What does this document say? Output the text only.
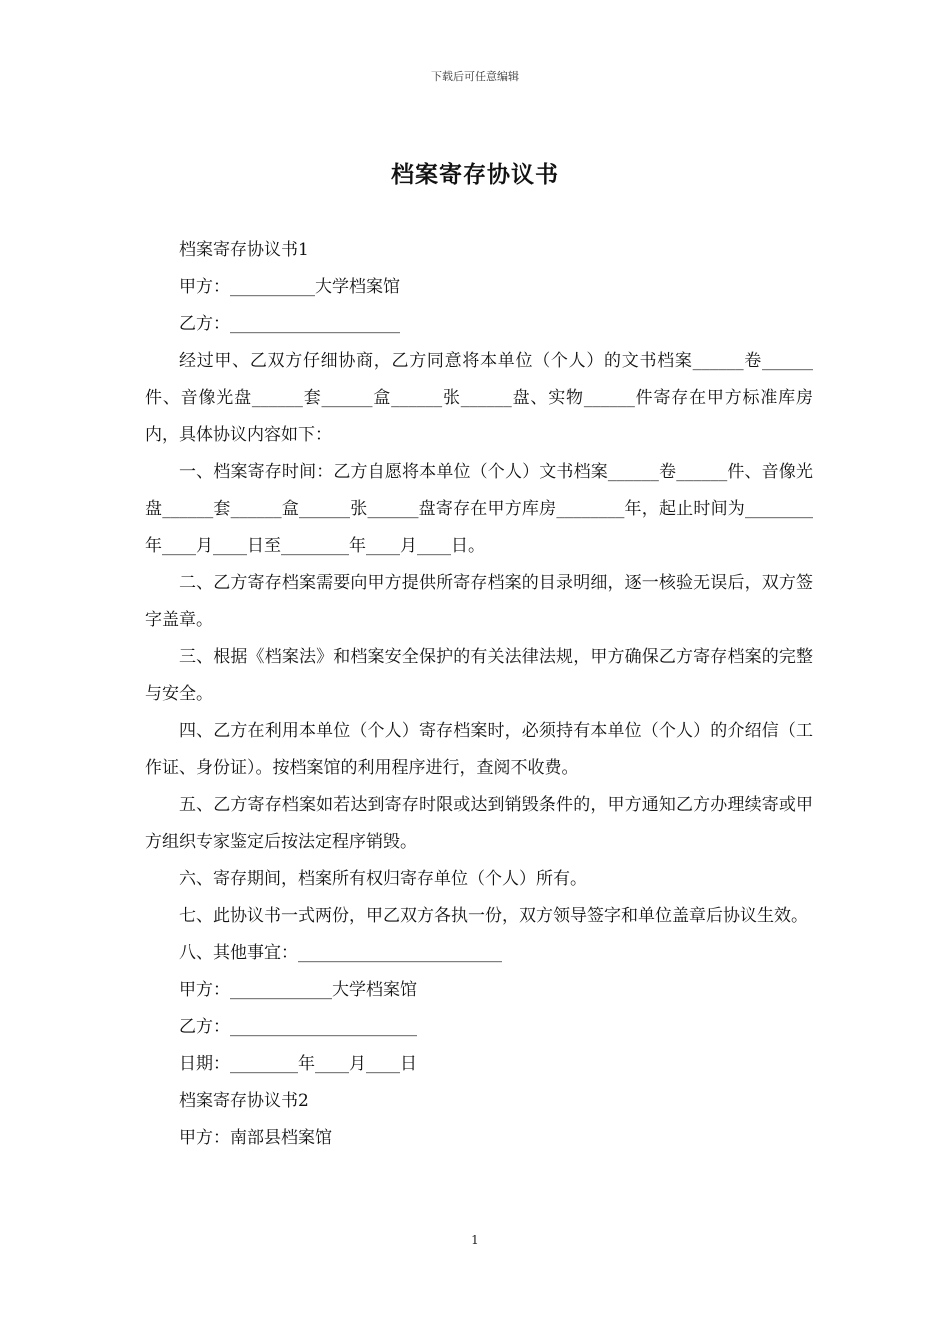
下载后可任意编辑
档案寄存协议书

档案寄存协议书1

甲方：__________大学档案馆

乙方：____________________

经过甲、乙双方仔细协商，乙方同意将本单位（个人）的文书档案______卷______件、音像光盘______套______盒______张______盘、实物______件寄存在甲方标准库房内，具体协议内容如下：

一、档案寄存时间：乙方自愿将本单位（个人）文书档案______卷______件、音像光盘______套______盒______张______盘寄存在甲方库房________年，起止时间为________年____月____日至________年____月____日。

二、乙方寄存档案需要向甲方提供所寄存档案的目录明细，逐一核验无误后，双方签字盖章。

三、根据《档案法》和档案安全保护的有关法律法规，甲方确保乙方寄存档案的完整与安全。

四、乙方在利用本单位（个人）寄存档案时，必须持有本单位（个人）的介绍信（工作证、身份证）。按档案馆的利用程序进行，查阅不收费。

五、乙方寄存档案如若达到寄存时限或达到销毁条件的，甲方通知乙方办理续寄或甲方组织专家鉴定后按法定程序销毁。

六、寄存期间，档案所有权归寄存单位（个人）所有。

七、此协议书一式两份，甲乙双方各执一份，双方领导签字和单位盖章后协议生效。

八、其他事宜：________________________

甲方：____________大学档案馆

乙方：______________________

日期：________年____月____日

档案寄存协议书2

甲方：南部县档案馆

1
